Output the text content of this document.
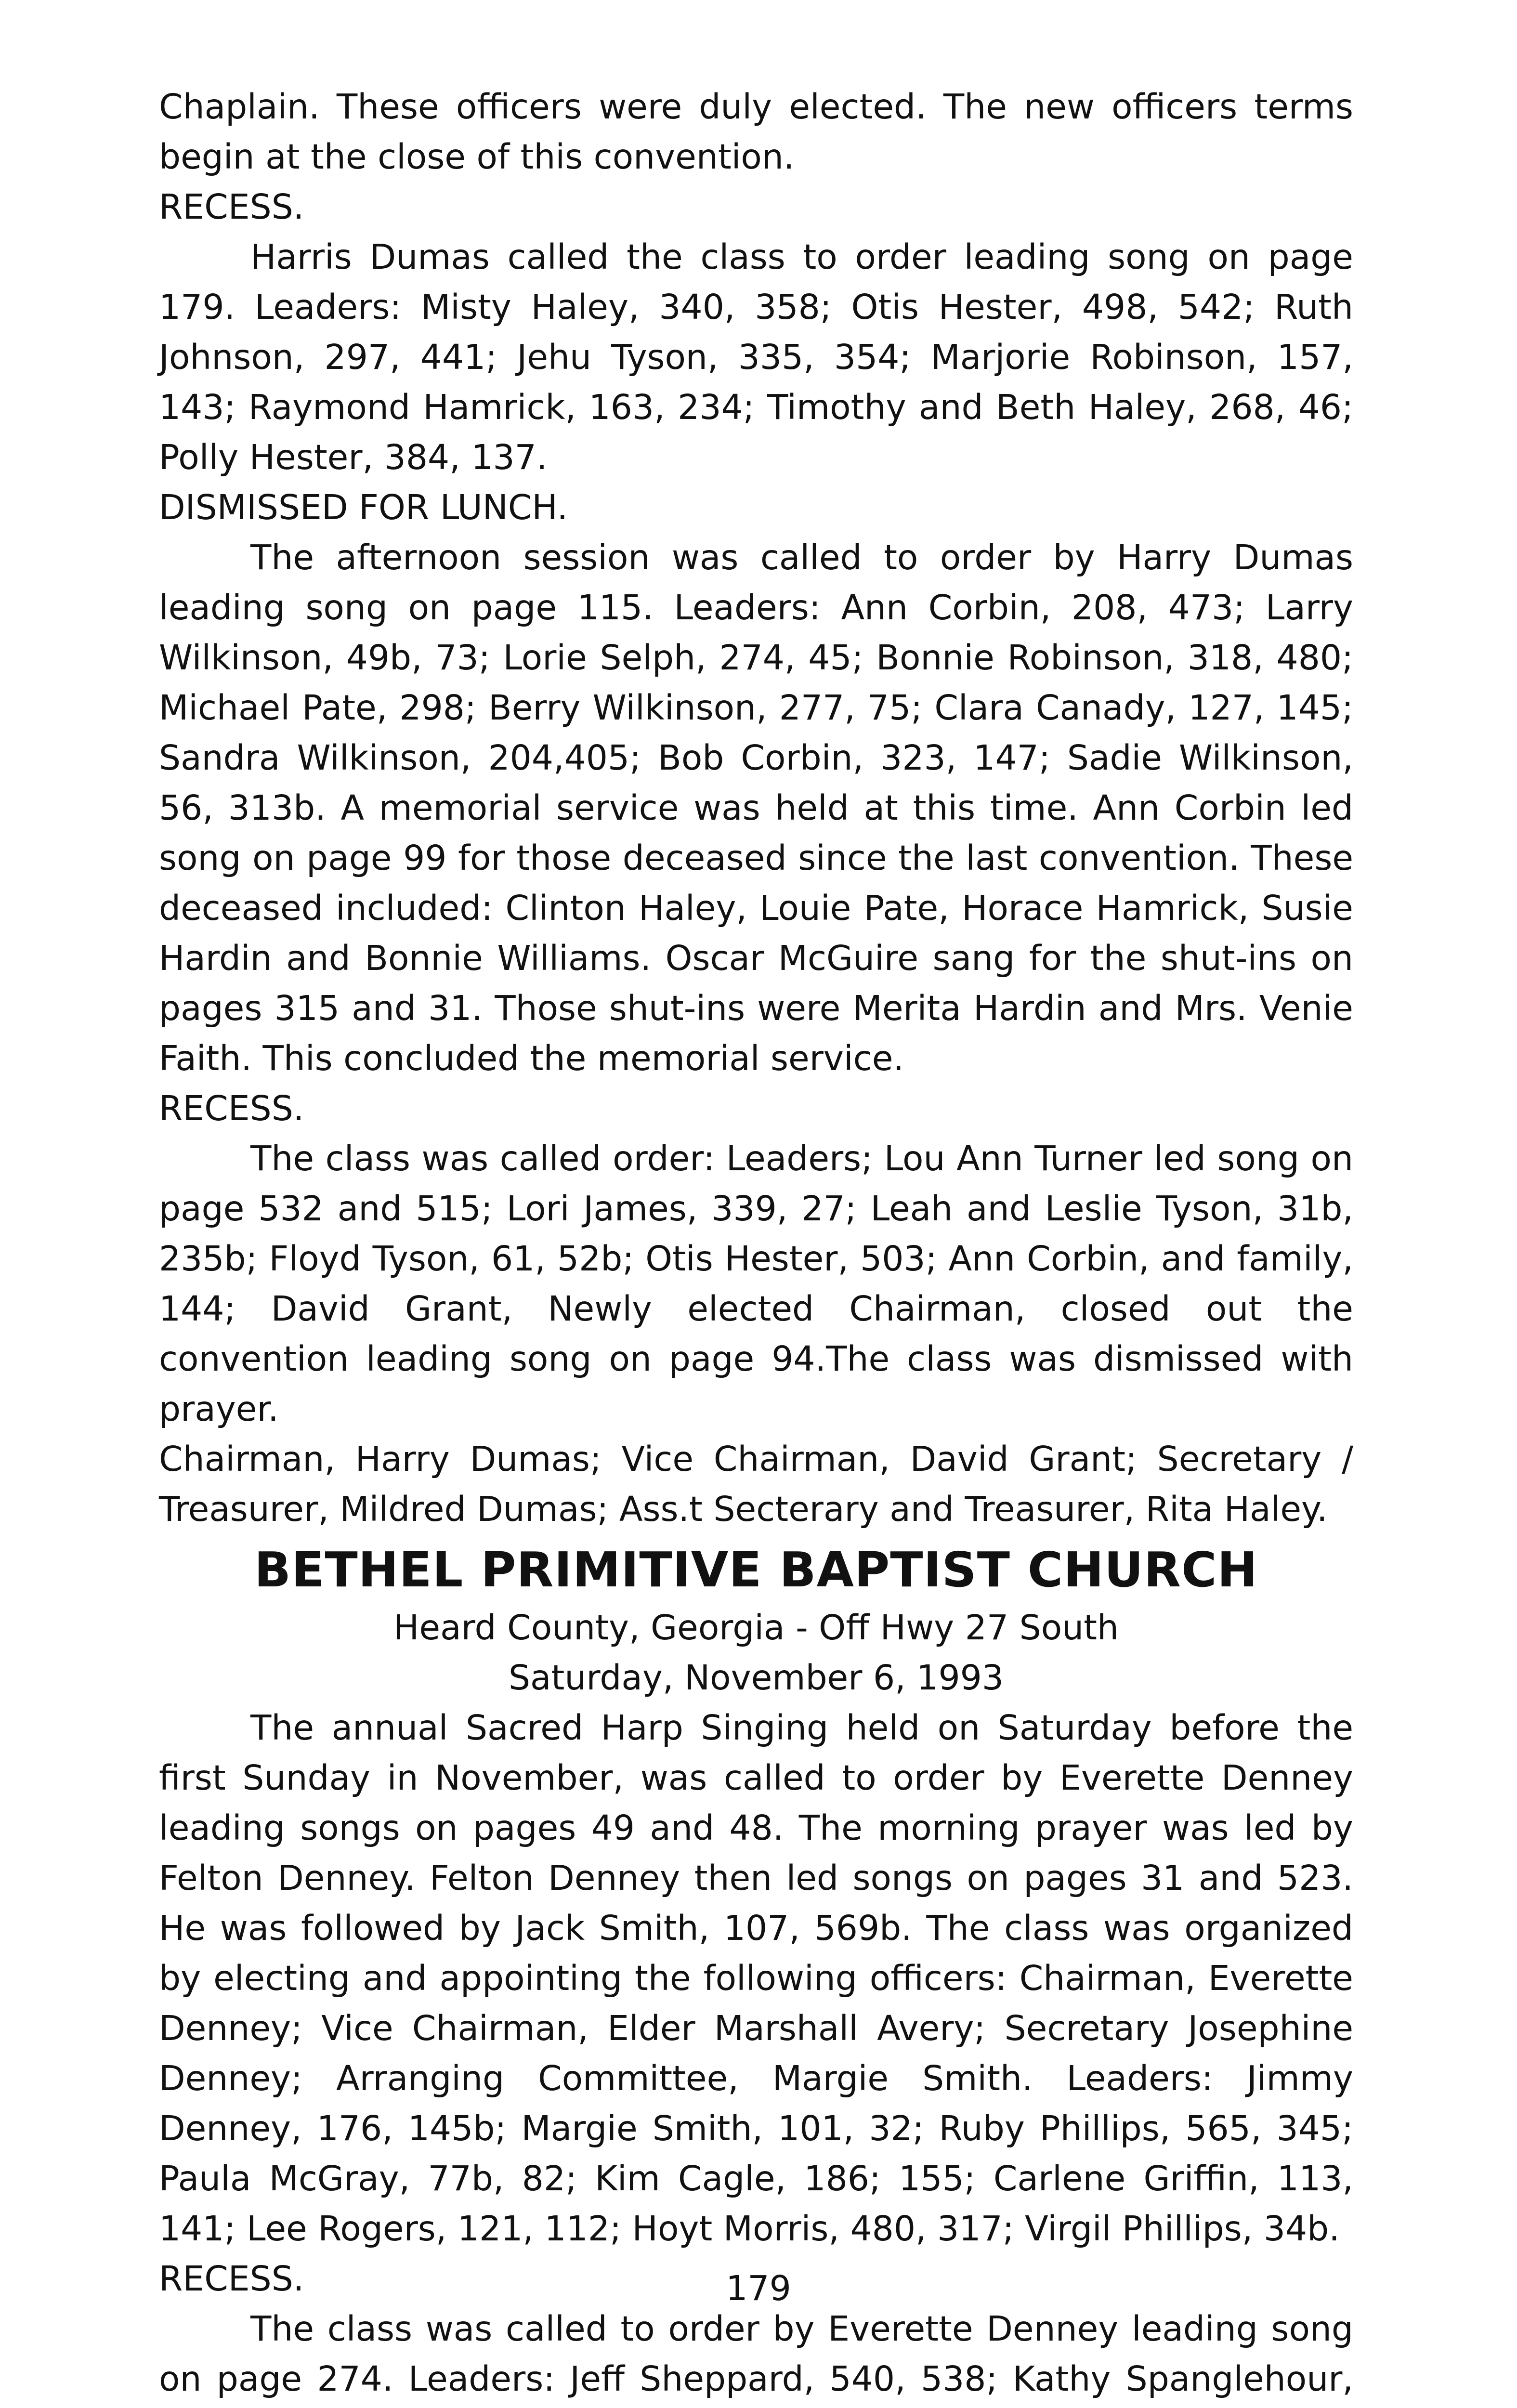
Chaplain. These officers were duly elected. The new officers terms begin at the close of this convention.

RECESS.

Harris Dumas called the class to order leading song on page 179. Leaders: Misty Haley, 340, 358; Otis Hester, 498, 542; Ruth Johnson, 297, 441; Jehu Tyson, 335, 354; Marjorie Robinson, 157, 143; Raymond Hamrick, 163, 234; Timothy and Beth Haley, 268, 46; Polly Hester, 384, 137.

DISMISSED FOR LUNCH.

The afternoon session was called to order by Harry Dumas leading song on page 115. Leaders: Ann Corbin, 208, 473; Larry Wilkinson, 49b, 73; Lorie Selph, 274, 45; Bonnie Robinson, 318, 480; Michael Pate, 298; Berry Wilkinson, 277, 75; Clara Canady, 127, 145; Sandra Wilkinson, 204,405; Bob Corbin, 323, 147; Sadie Wilkinson, 56, 313b. A memorial service was held at this time. Ann Corbin led song on page 99 for those deceased since the last convention. These deceased included: Clinton Haley, Louie Pate, Horace Hamrick, Susie Hardin and Bonnie Williams. Oscar McGuire sang for the shut-ins on pages 315 and 31. Those shut-ins were Merita Hardin and Mrs. Venie Faith. This concluded the memorial service.

RECESS.

The class was called order: Leaders; Lou Ann Turner led song on page 532 and 515; Lori James, 339, 27; Leah and Leslie Tyson, 31b, 235b; Floyd Tyson, 61, 52b; Otis Hester, 503; Ann Corbin, and family, 144; David Grant, Newly elected Chairman, closed out the convention leading song on page 94.The class was dismissed with prayer.

Chairman, Harry Dumas; Vice Chairman, David Grant; Secretary / Treasurer, Mildred Dumas; Ass.t Secterary and Treasurer, Rita Haley.

BETHEL PRIMITIVE BAPTIST CHURCH

Heard County, Georgia - Off Hwy 27 South

Saturday, November 6, 1993

The annual Sacred Harp Singing held on Saturday before the first Sunday in November, was called to order by Everette Denney leading songs on pages 49 and 48. The morning prayer was led by Felton Denney. Felton Denney then led songs on pages 31 and 523. He was followed by Jack Smith, 107, 569b. The class was organized by electing and appointing the following officers: Chairman, Everette Denney; Vice Chairman, Elder Marshall Avery; Secretary Josephine Denney; Arranging Committee, Margie Smith. Leaders: Jimmy Denney, 176, 145b; Margie Smith, 101, 32; Ruby Phillips, 565, 345; Paula McGray, 77b, 82; Kim Cagle, 186; 155; Carlene Griffin, 113, 141; Lee Rogers, 121, 112; Hoyt Morris, 480, 317; Virgil Phillips, 34b.

RECESS.

The class was called to order by Everette Denney leading song on page 274. Leaders: Jeff Sheppard, 540, 538; Kathy Spanglehour,

179
